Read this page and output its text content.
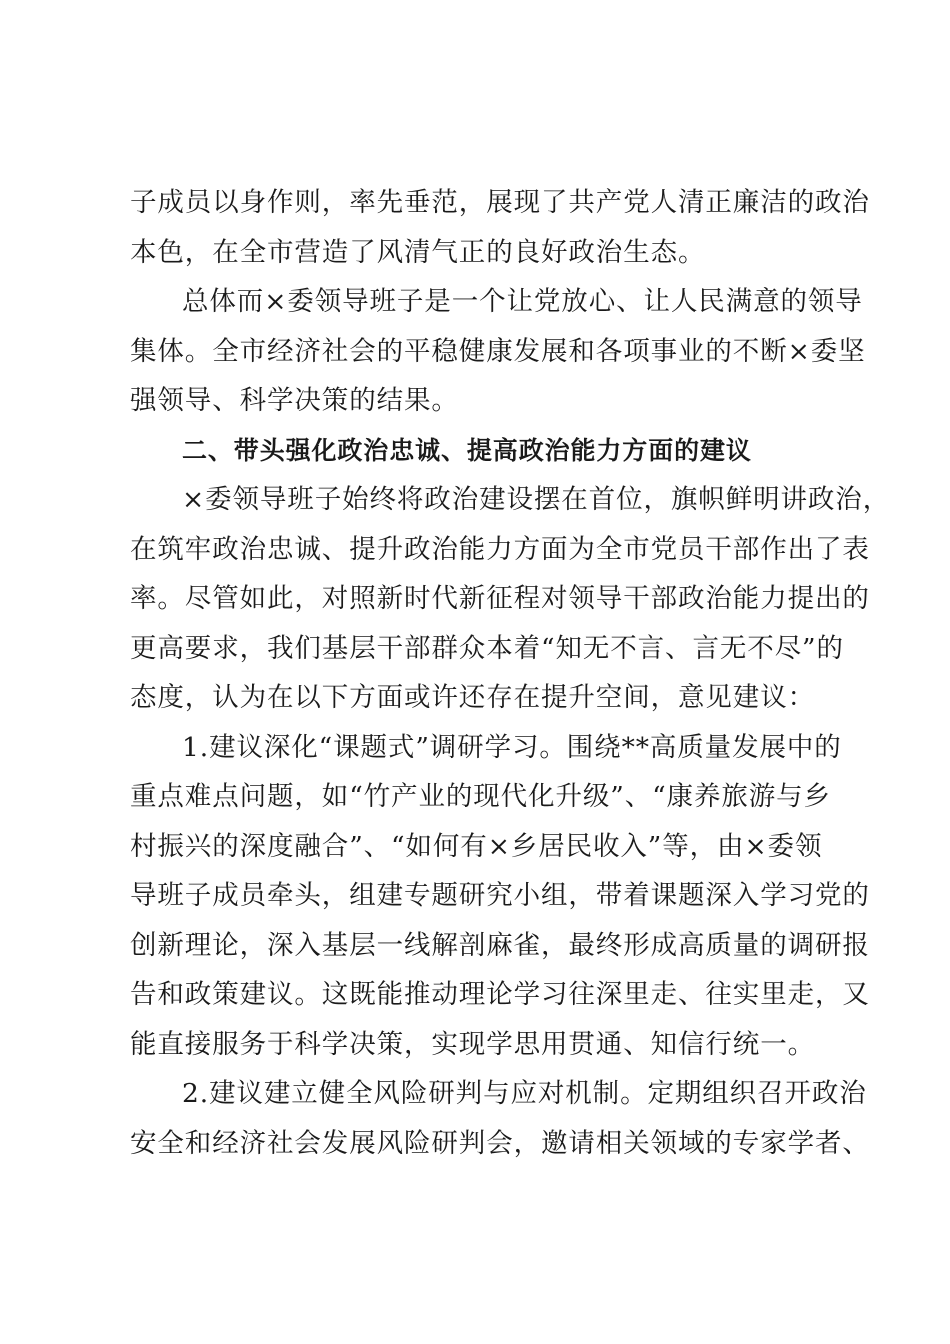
子成员以身作则，率先垂范，展现了共产党人清正廉洁的政治
本色，在全市营造了风清气正的良好政治生态。
总体而×委领导班子是一个让党放心、让人民满意的领导
集体。全市经济社会的平稳健康发展和各项事业的不断×委坚
强领导、科学决策的结果。
二、带头强化政治忠诚、提高政治能力方面的建议
×委领导班子始终将政治建设摆在首位，旗帜鲜明讲政治，
在筑牢政治忠诚、提升政治能力方面为全市党员干部作出了表
率。尽管如此，对照新时代新征程对领导干部政治能力提出的
更高要求，我们基层干部群众本着“知无不言、言无不尽”的
态度，认为在以下方面或许还存在提升空间，意见建议：
1.建议深化“课题式”调研学习。围绕**高质量发展中的
重点难点问题，如“竹产业的现代化升级”、“康养旅游与乡
村振兴的深度融合”、“如何有×乡居民收入”等，由×委领
导班子成员牵头，组建专题研究小组，带着课题深入学习党的
创新理论，深入基层一线解剖麻雀，最终形成高质量的调研报
告和政策建议。这既能推动理论学习往深里走、往实里走，又
能直接服务于科学决策，实现学思用贯通、知信行统一。
2.建议建立健全风险研判与应对机制。定期组织召开政治
安全和经济社会发展风险研判会，邀请相关领域的专家学者、
